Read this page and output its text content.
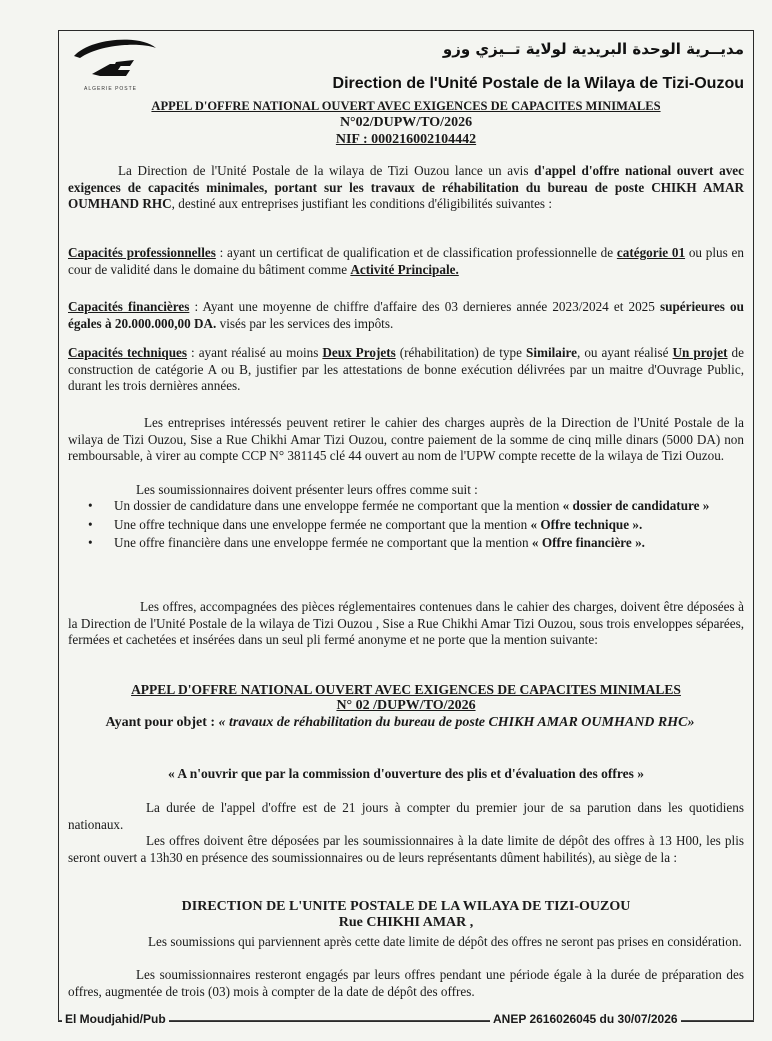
ALGERIE POSTE
مديــرية الوحدة البريدية لولاية تــيزي وزو
Direction de l'Unité Postale de la Wilaya de Tizi-Ouzou
APPEL D'OFFRE NATIONAL OUVERT AVEC EXIGENCES DE CAPACITES MINIMALES
N°02/DUPW/TO/2026
NIF : 000216002104442

La Direction de l'Unité Postale de la wilaya de Tizi Ouzou lance un avis d'appel d'offre national ouvert avec exigences de capacités minimales, portant sur les travaux de réhabilitation du bureau de poste CHIKH AMAR OUMHAND RHC, destiné aux entreprises justifiant les conditions d'éligibilités suivantes :

Capacités professionnelles : ayant un certificat de qualification et de classification professionnelle de catégorie 01 ou plus en cour de validité dans le domaine du bâtiment comme Activité Principale.

Capacités financières : Ayant une moyenne de chiffre d'affaire des 03 dernieres année 2023/2024 et 2025 supérieures ou égales à 20.000.000,00 DA. visés par les services des impôts.

Capacités techniques : ayant réalisé au moins Deux Projets (réhabilitation) de type Similaire, ou ayant réalisé Un projet de construction de catégorie A ou B, justifier par les attestations de bonne exécution délivrées par un maitre d'Ouvrage Public, durant les trois dernières années.

Les entreprises intéressés peuvent retirer le cahier des charges auprès de la Direction de l'Unité Postale de la wilaya de Tizi Ouzou, Sise a Rue Chikhi Amar Tizi Ouzou, contre paiement de la somme de cinq mille dinars (5000 DA) non remboursable, à virer au compte CCP N° 381145 clé 44 ouvert au nom de l'UPW compte recette de la wilaya de Tizi Ouzou.

Les soumissionnaires doivent présenter leurs offres comme suit :

• Un dossier de candidature dans une enveloppe fermée ne comportant que la mention « dossier de candidature »
• Une offre technique dans une enveloppe fermée ne comportant que la mention « Offre technique ».
• Une offre financière dans une enveloppe fermée ne comportant que la mention « Offre financière ».

Les offres, accompagnées des pièces réglementaires contenues dans le cahier des charges, doivent être déposées à la Direction de l'Unité Postale de la wilaya de Tizi Ouzou , Sise a Rue Chikhi Amar Tizi Ouzou, sous trois enveloppes séparées, fermées et cachetées et insérées dans un seul pli fermé anonyme et ne porte que la mention suivante:

APPEL D'OFFRE NATIONAL OUVERT AVEC EXIGENCES DE CAPACITES MINIMALES
N° 02 /DUPW/TO/2026
Ayant pour objet : « travaux de réhabilitation du bureau de poste CHIKH AMAR OUMHAND RHC»
« A n'ouvrir que par la commission d'ouverture des plis et d'évaluation des offres »

La durée de l'appel d'offre est de 21 jours à compter du premier jour de sa parution dans les quotidiens nationaux.

Les offres doivent être déposées par les soumissionnaires à la date limite de dépôt des offres à 13 H00, les plis seront ouvert a 13h30 en présence des soumissionnaires ou de leurs représentants dûment habilités), au siège de la :

DIRECTION DE L'UNITE POSTALE DE LA WILAYA DE TIZI-OUZOU
Rue CHIKHI AMAR ,

Les soumissions qui parviennent après cette date limite de dépôt des offres ne seront pas prises en considération.

Les soumissionnaires resteront engagés par leurs offres pendant une période égale à la durée de préparation des offres, augmentée de trois (03) mois à compter de la date de dépôt des offres.

El Moudjahid/Pub	ANEP 2616026045 du 30/07/2026
